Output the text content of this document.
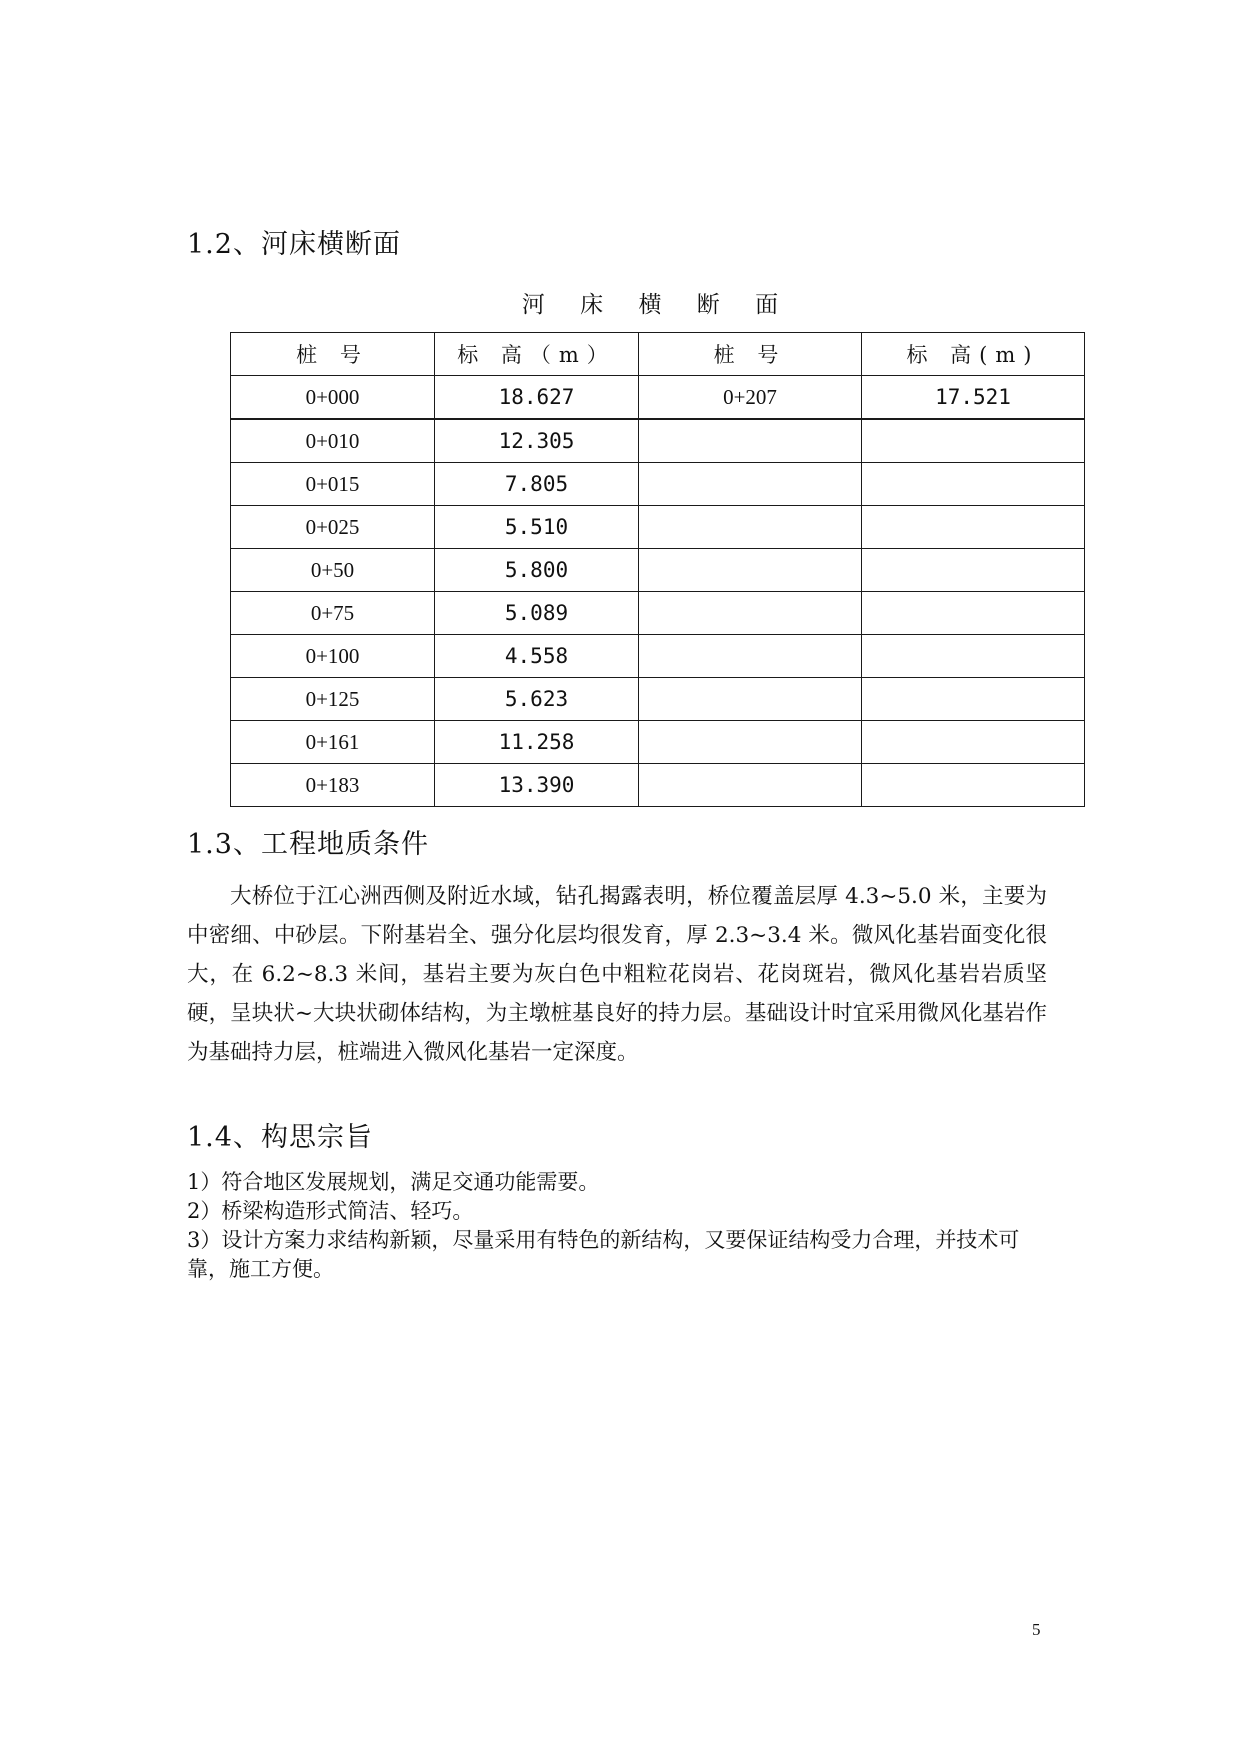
1.2、河床横断面
河 床 横 断 面
桩 号	标 高（m）	桩 号	标 高(m)
0+000	18.627	0+207	17.521
0+010	12.305		
0+015	7.805		
0+025	5.510		
0+50	5.800		
0+75	5.089		
0+100	4.558		
0+125	5.623		
0+161	11.258		
0+183	13.390		
1.3、工程地质条件

大桥位于江心洲西侧及附近水域，钻孔揭露表明，桥位覆盖层厚 4.3~5.0 米，主要为中密细、中砂层。下附基岩全、强分化层均很发育，厚 2.3~3.4 米。微风化基岩面变化很大，在 6.2~8.3 米间，基岩主要为灰白色中粗粒花岗岩、花岗斑岩，微风化基岩岩质坚硬，呈块状~大块状砌体结构，为主墩桩基良好的持力层。基础设计时宜采用微风化基岩作为基础持力层，桩端进入微风化基岩一定深度。

1.4、构思宗旨
1）符合地区发展规划，满足交通功能需要。
2）桥梁构造形式简洁、轻巧。
3）设计方案力求结构新颖，尽量采用有特色的新结构，又要保证结构受力合理，并技术可靠，施工方便。
5
